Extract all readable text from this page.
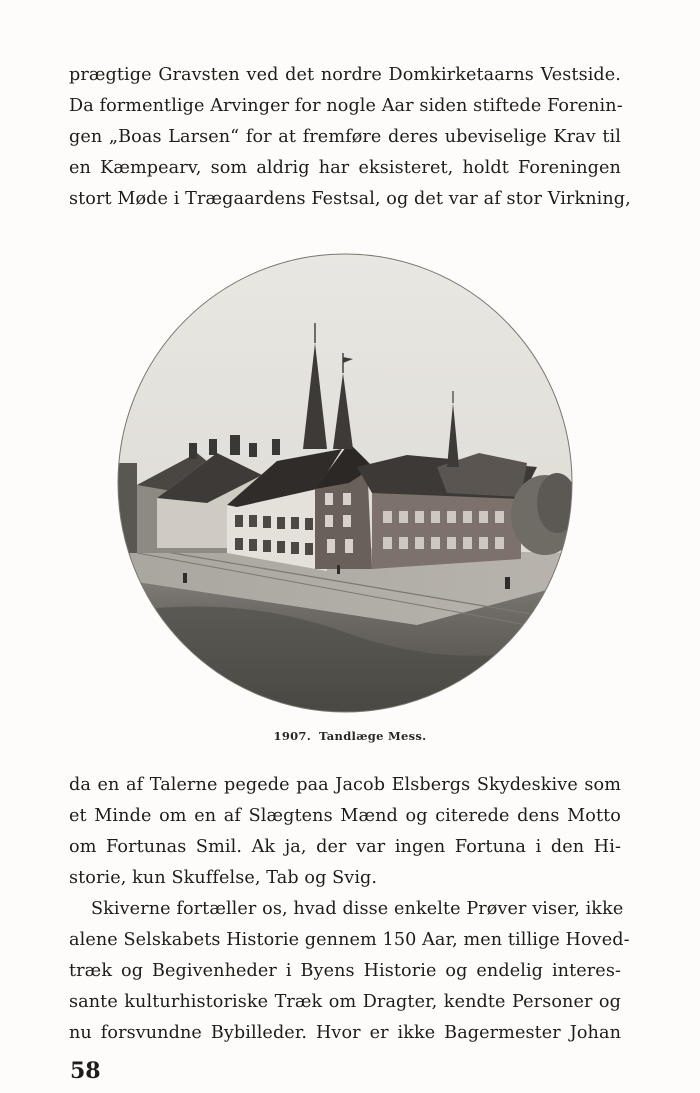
prægtige Gravsten ved det nordre Domkirketaarns Vestside.
Da formentlige Arvinger for nogle Aar siden stiftede Forenin-
gen „Boas Larsen“ for at fremføre deres ubeviselige Krav til
en Kæmpearv, som aldrig har eksisteret, holdt Foreningen
stort Møde i Trægaardens Festsal, og det var af stor Virkning,
1907. Tandlæge Mess.
da en af Talerne pegede paa Jacob Elsbergs Skydeskive som
et Minde om en af Slægtens Mænd og citerede dens Motto
om Fortunas Smil. Ak ja, der var ingen Fortuna i den Hi-
storie, kun Skuffelse, Tab og Svig.
Skiverne fortæller os, hvad disse enkelte Prøver viser, ikke
alene Selskabets Historie gennem 150 Aar, men tillige Hoved-
træk og Begivenheder i Byens Historie og endelig interes-
sante kulturhistoriske Træk om Dragter, kendte Personer og
nu forsvundne Bybilleder. Hvor er ikke Bagermester Johan
58
